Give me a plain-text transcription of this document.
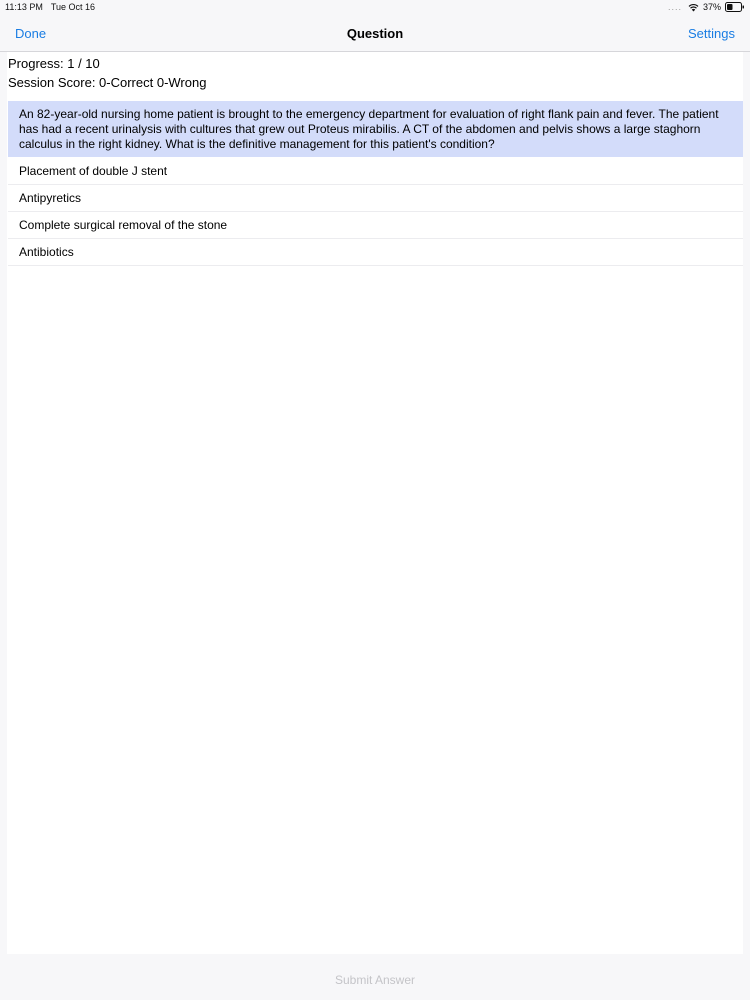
11:13 PM Tue Oct 16	.... 37%
Done	Question	Settings
Progress: 1 / 10
Session Score: 0-Correct 0-Wrong
An 82-year-old nursing home patient is brought to the emergency department for evaluation of right flank pain and fever. The patient has had a recent urinalysis with cultures that grew out Proteus mirabilis. A CT of the abdomen and pelvis shows a large staghorn calculus in the right kidney. What is the definitive management for this patient's condition?
Placement of double J stent
Antipyretics
Complete surgical removal of the stone
Antibiotics
Submit Answer
